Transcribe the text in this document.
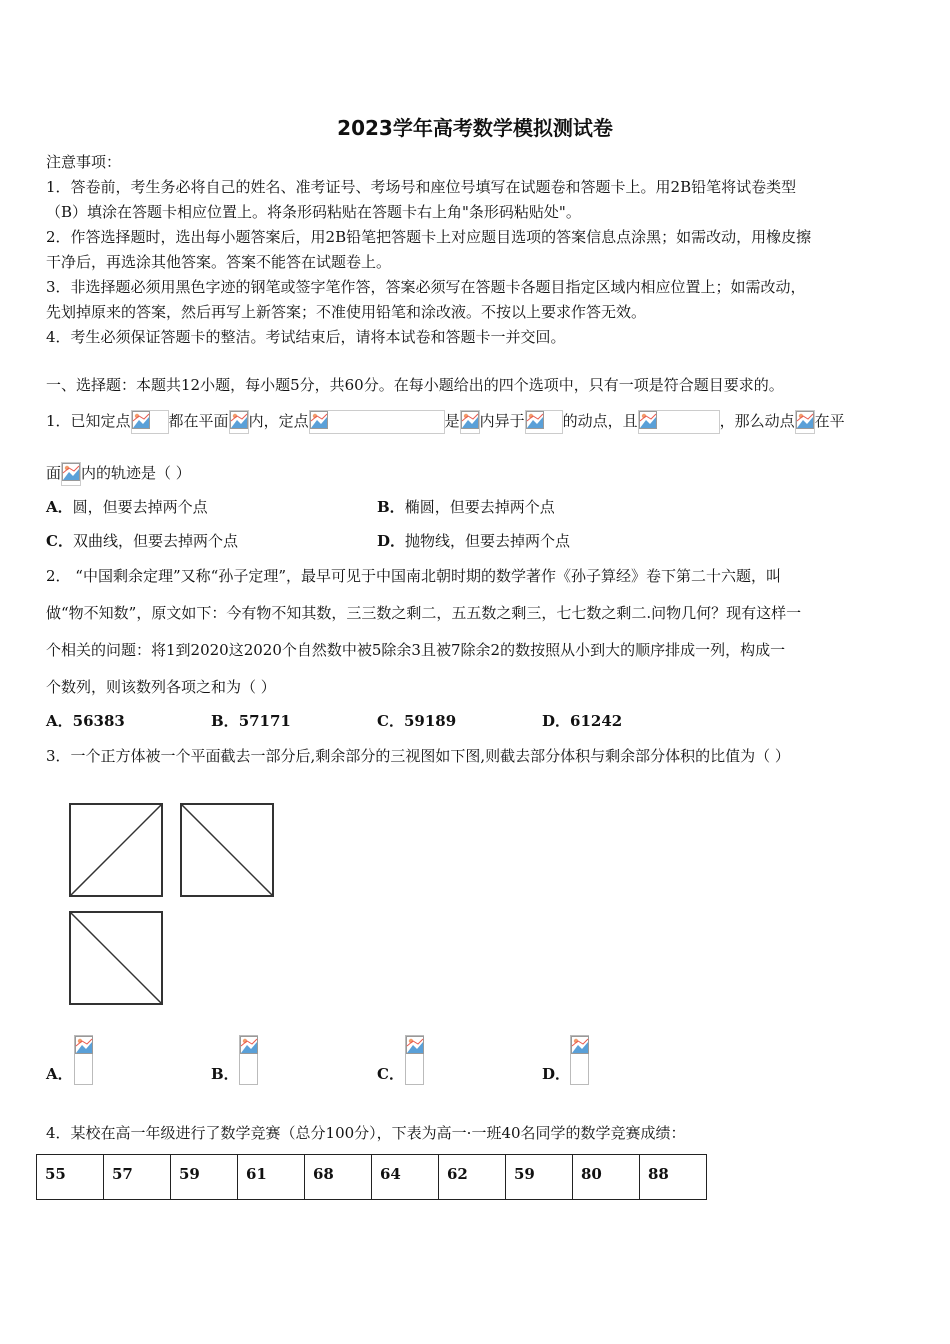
2023学年高考数学模拟测试卷
注意事项：
1．答卷前，考生务必将自己的姓名、准考证号、考场号和座位号填写在试题卷和答题卡上。用2B铅笔将试卷类型
（B）填涂在答题卡相应位置上。将条形码粘贴在答题卡右上角"条形码粘贴处"。
2．作答选择题时，选出每小题答案后，用2B铅笔把答题卡上对应题目选项的答案信息点涂黑；如需改动，用橡皮擦
干净后，再选涂其他答案。答案不能答在试题卷上。
3．非选择题必须用黑色字迹的钢笔或签字笔作答，答案必须写在答题卡各题目指定区域内相应位置上；如需改动，
先划掉原来的答案，然后再写上新答案；不准使用铅笔和涂改液。不按以上要求作答无效。
4．考生必须保证答题卡的整洁。考试结束后，请将本试卷和答题卡一并交回。
一、选择题：本题共12小题，每小题5分，共60分。在每小题给出的四个选项中，只有一项是符合题目要求的。
1．已知定点	都在平面 内，定点	是 内异于	的动点，且	，那么动点 在平
面 内的轨迹是（ ）
A．圆，但要去掉两个点	B．椭圆，但要去掉两个点
C．双曲线，但要去掉两个点	D．抛物线，但要去掉两个点
2． “中国剩余定理”又称“孙子定理”，最早可见于中国南北朝时期的数学著作《孙子算经》卷下第二十六题，叫
做“物不知数”，原文如下：今有物不知其数，三三数之剩二，五五数之剩三，七七数之剩二.问物几何？现有这样一
个相关的问题：将1到2020这2020个自然数中被5除余3且被7除余2的数按照从小到大的顺序排成一列，构成一
个数列，则该数列各项之和为（ ）
A．56383	B．57171	C．59189	D．61242
3．一个正方体被一个平面截去一部分后,剩余部分的三视图如下图,则截去部分体积与剩余部分体积的比值为（ ）
A．	B．	C．	D．
4．某校在高一年级进行了数学竞赛（总分100分），下表为高一·一班40名同学的数学竞赛成绩：
55	57	59	61	68	64	62	59	80	88
